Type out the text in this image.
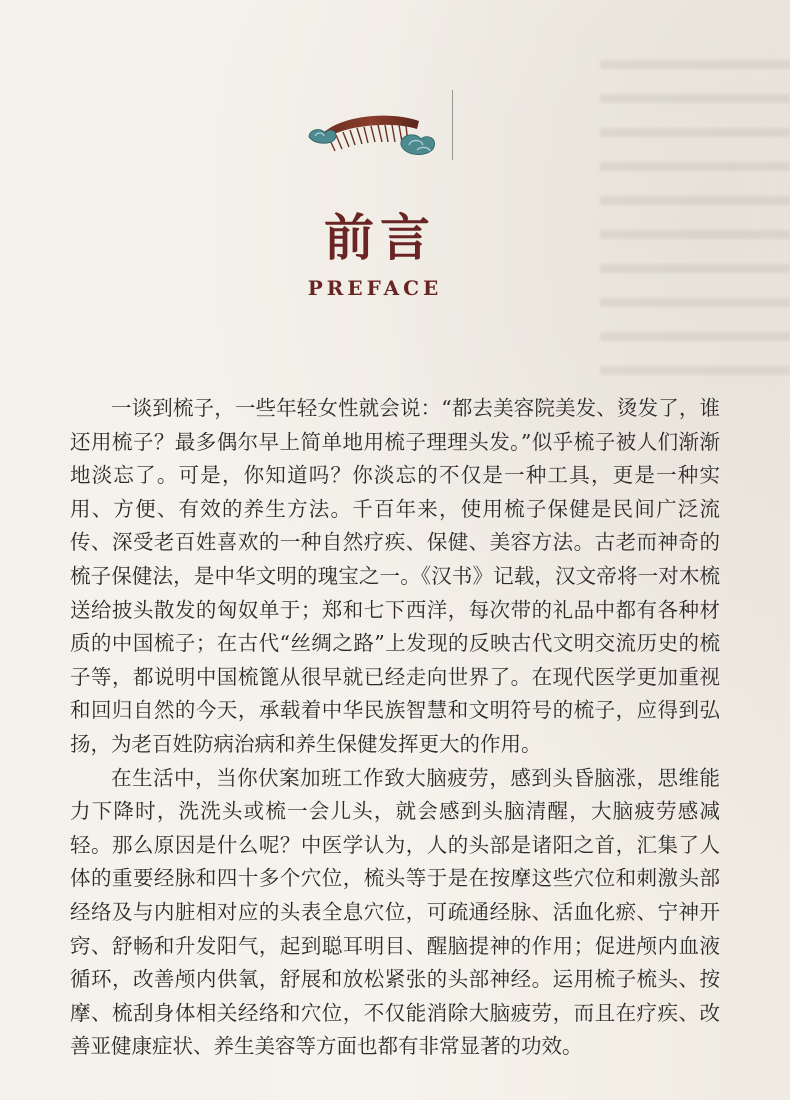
前言
PREFACE

一谈到梳子，一些年轻女性就会说：“都去美容院美发、烫发了，谁还用梳子？最多偶尔早上简单地用梳子理理头发。”似乎梳子被人们渐渐地淡忘了。可是，你知道吗？你淡忘的不仅是一种工具，更是一种实用、方便、有效的养生方法。千百年来，使用梳子保健是民间广泛流传、深受老百姓喜欢的一种自然疗疾、保健、美容方法。古老而神奇的梳子保健法，是中华文明的瑰宝之一。《汉书》记载，汉文帝将一对木梳送给披头散发的匈奴单于；郑和七下西洋，每次带的礼品中都有各种材质的中国梳子；在古代“丝绸之路”上发现的反映古代文明交流历史的梳子等，都说明中国梳篦从很早就已经走向世界了。在现代医学更加重视和回归自然的今天，承载着中华民族智慧和文明符号的梳子，应得到弘扬，为老百姓防病治病和养生保健发挥更大的作用。

在生活中，当你伏案加班工作致大脑疲劳，感到头昏脑涨，思维能力下降时，洗洗头或梳一会儿头，就会感到头脑清醒，大脑疲劳感减轻。那么原因是什么呢？中医学认为，人的头部是诸阳之首，汇集了人体的重要经脉和四十多个穴位，梳头等于是在按摩这些穴位和刺激头部经络及与内脏相对应的头表全息穴位，可疏通经脉、活血化瘀、宁神开窍、舒畅和升发阳气，起到聪耳明目、醒脑提神的作用；促进颅内血液循环，改善颅内供氧，舒展和放松紧张的头部神经。运用梳子梳头、按摩、梳刮身体相关经络和穴位，不仅能消除大脑疲劳，而且在疗疾、改善亚健康症状、养生美容等方面也都有非常显著的功效。
